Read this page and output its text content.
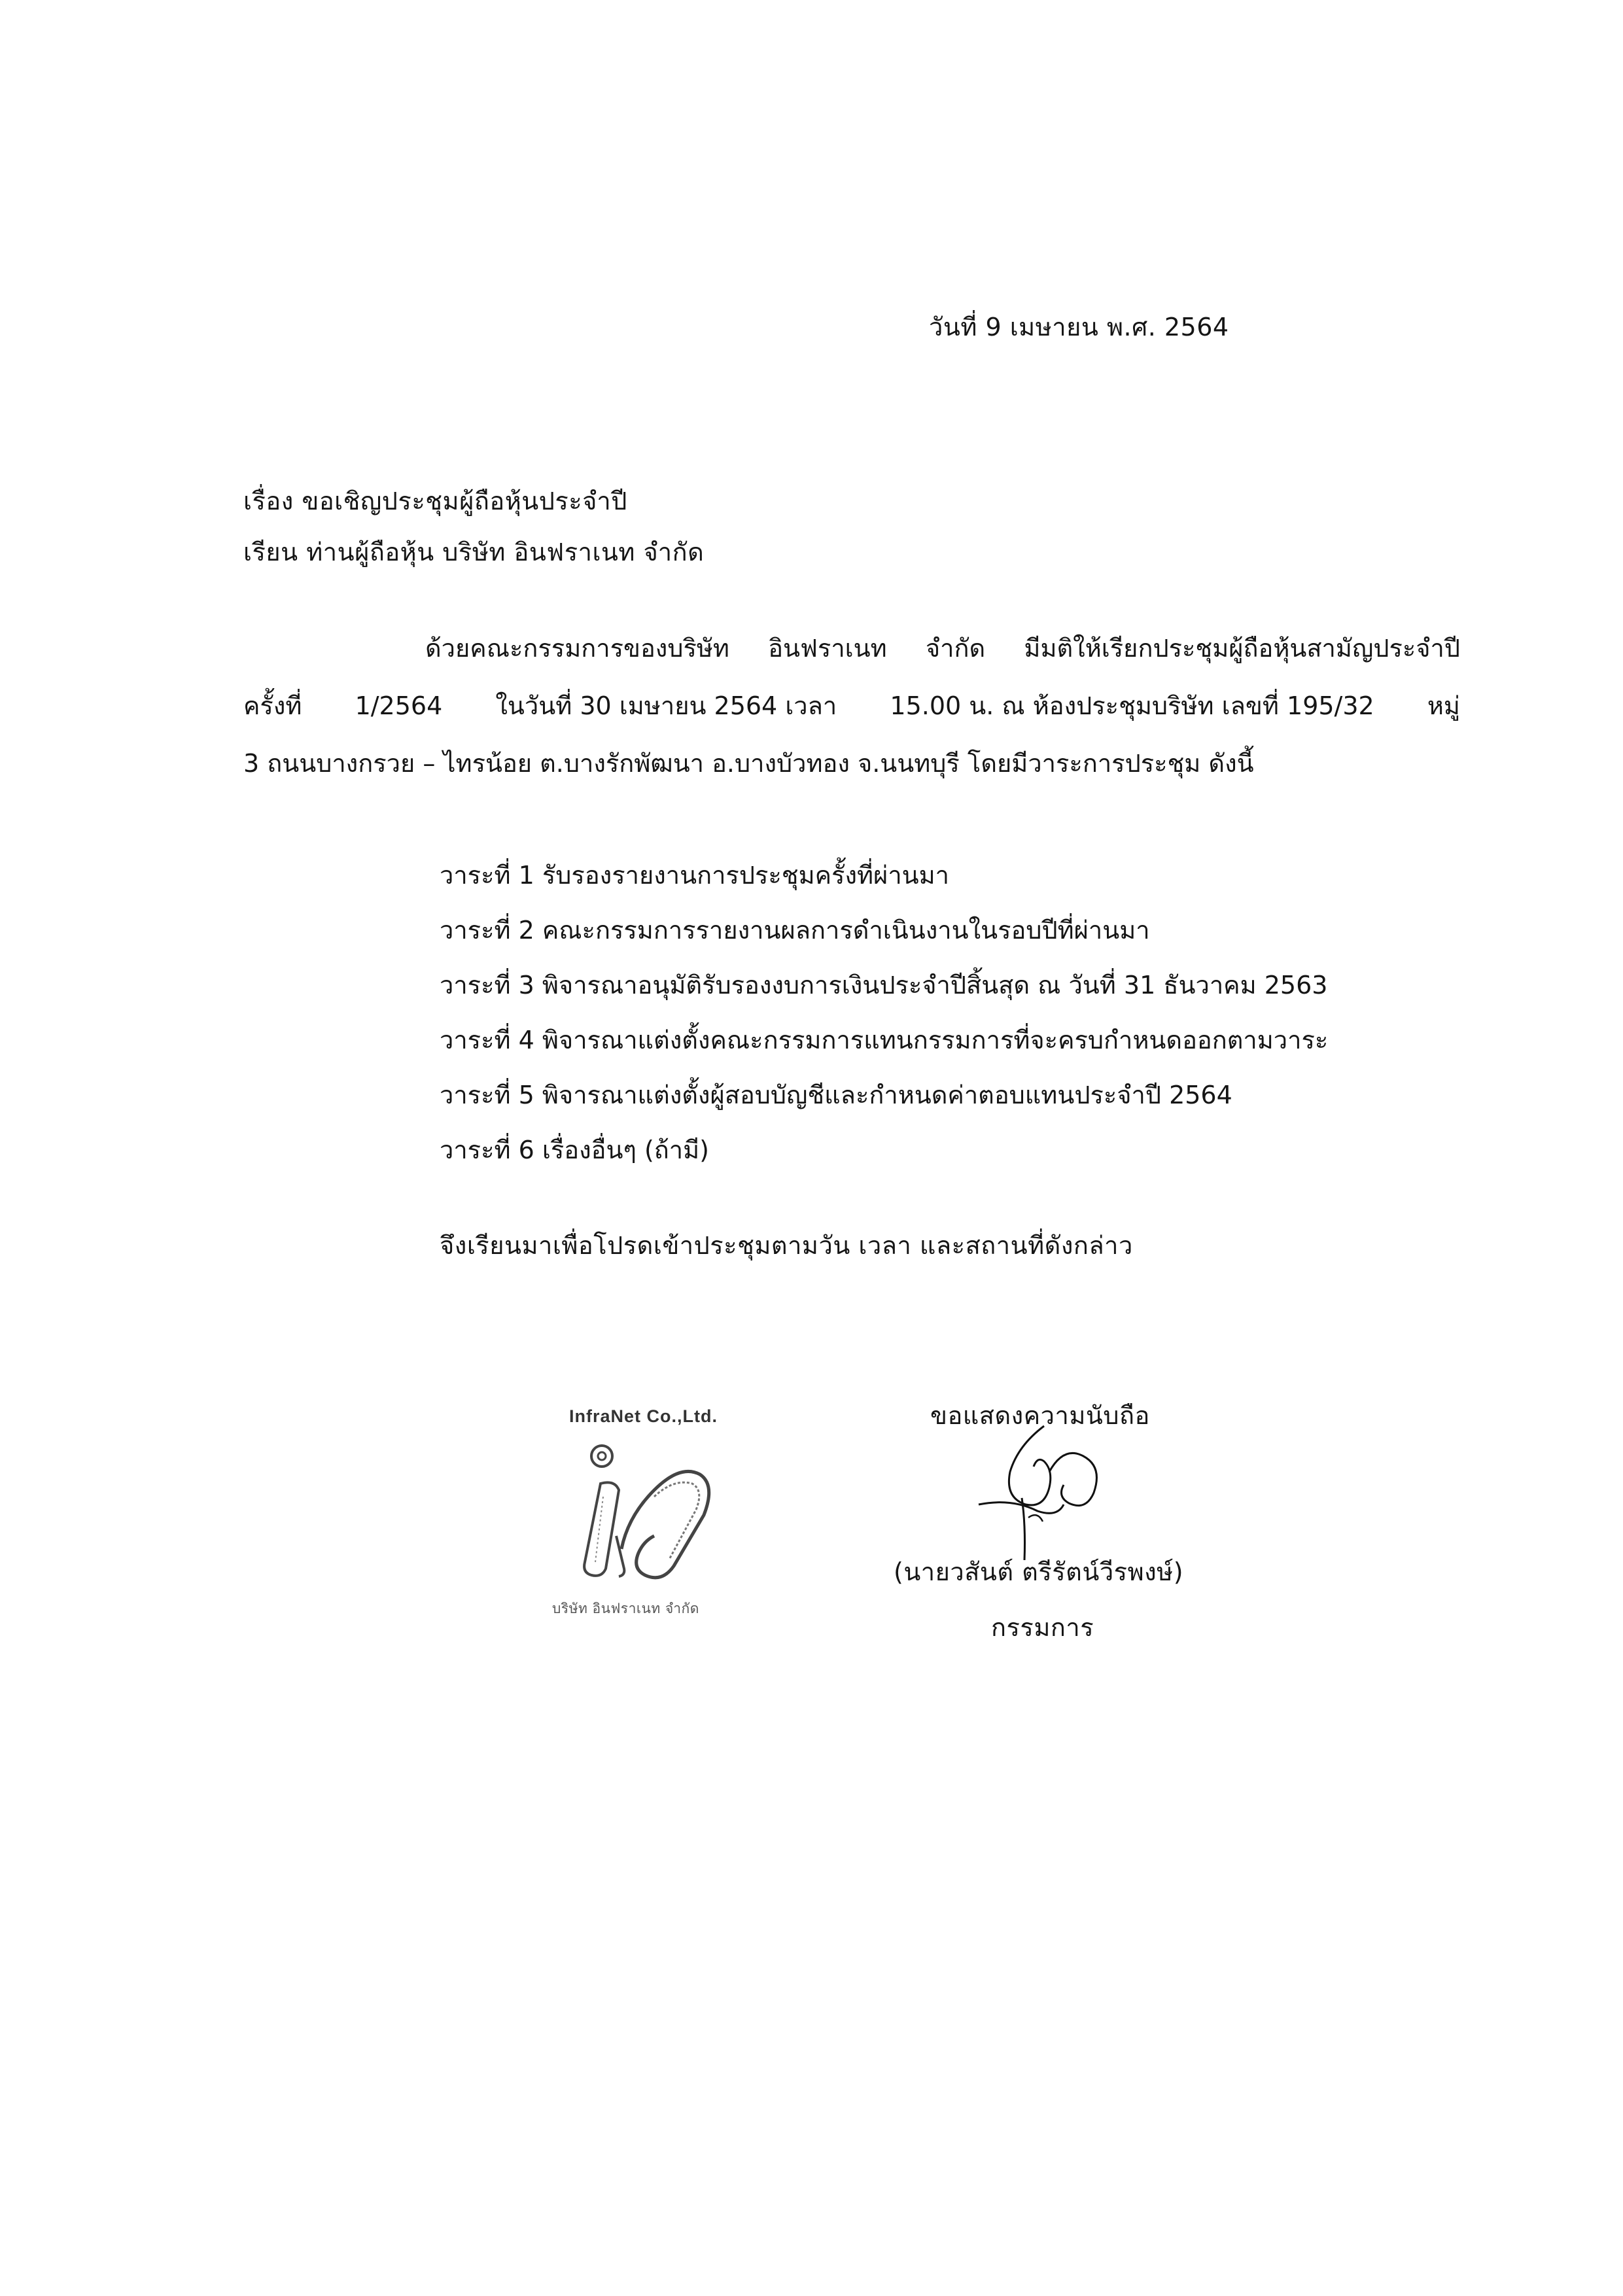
วันที่ 9 เมษายน พ.ศ. 2564
เรื่อง ขอเชิญประชุมผู้ถือหุ้นประจำปี
เรียน ท่านผู้ถือหุ้น บริษัท อินฟราเนท จำกัด
ด้วยคณะกรรมการของบริษัท อินฟราเนท จำกัด มีมติให้เรียกประชุมผู้ถือหุ้นสามัญประจำปี
ครั้งที่ 1/2564 ในวันที่ 30 เมษายน 2564 เวลา 15.00 น. ณ ห้องประชุมบริษัท เลขที่ 195/32 หมู่
3 ถนนบางกรวย – ไทรน้อย ต.บางรักพัฒนา อ.บางบัวทอง จ.นนทบุรี โดยมีวาระการประชุม ดังนี้
วาระที่ 1 รับรองรายงานการประชุมครั้งที่ผ่านมา
วาระที่ 2 คณะกรรมการรายงานผลการดำเนินงานในรอบปีที่ผ่านมา
วาระที่ 3 พิจารณาอนุมัติรับรองงบการเงินประจำปีสิ้นสุด ณ วันที่ 31 ธันวาคม 2563
วาระที่ 4 พิจารณาแต่งตั้งคณะกรรมการแทนกรรมการที่จะครบกำหนดออกตามวาระ
วาระที่ 5 พิจารณาแต่งตั้งผู้สอบบัญชีและกำหนดค่าตอบแทนประจำปี 2564
วาระที่ 6 เรื่องอื่นๆ (ถ้ามี)
จึงเรียนมาเพื่อโปรดเข้าประชุมตามวัน เวลา และสถานที่ดังกล่าว
InfraNet Co.,Ltd.
บริษัท อินฟราเนท จำกัด
ขอแสดงความนับถือ
(นายวสันต์ ตรีรัตน์วีรพงษ์)
กรรมการ
